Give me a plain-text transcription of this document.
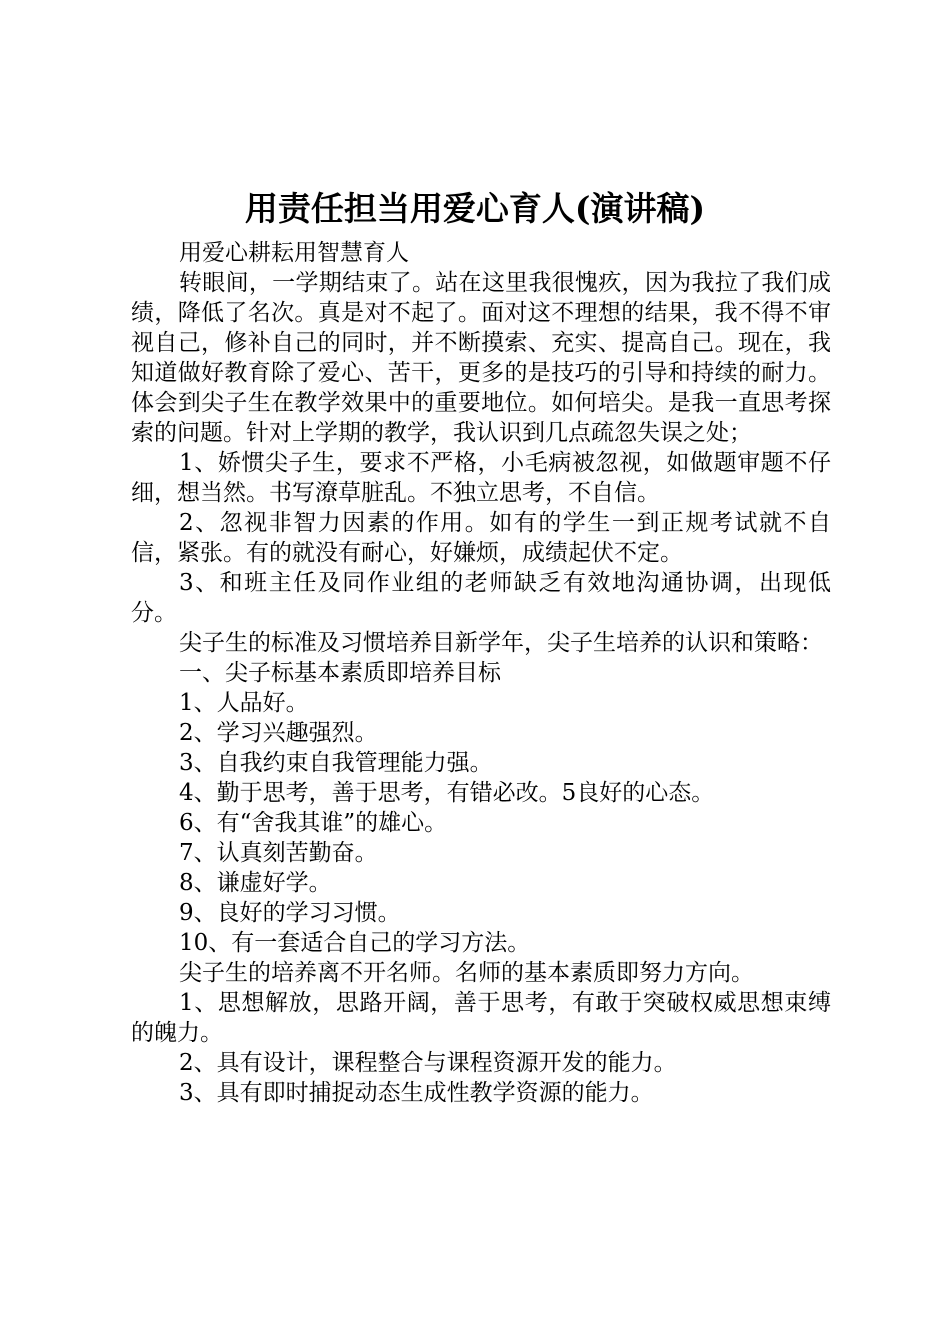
用责任担当用爱心育人(演讲稿)

用爱心耕耘用智慧育人

转眼间，一学期结束了。站在这里我很愧疚，因为我拉了我们成绩，降低了名次。真是对不起了。面对这不理想的结果，我不得不审视自己，修补自己的同时，并不断摸索、充实、提高自己。现在，我知道做好教育除了爱心、苦干，更多的是技巧的引导和持续的耐力。体会到尖子生在教学效果中的重要地位。如何培尖。是我一直思考探索的问题。针对上学期的教学，我认识到几点疏忽失误之处；

1、娇惯尖子生，要求不严格，小毛病被忽视，如做题审题不仔细，想当然。书写潦草脏乱。不独立思考，不自信。

2、忽视非智力因素的作用。如有的学生一到正规考试就不自信，紧张。有的就没有耐心，好嫌烦，成绩起伏不定。

3、和班主任及同作业组的老师缺乏有效地沟通协调，出现低分。

尖子生的标准及习惯培养目新学年，尖子生培养的认识和策略：

一、尖子标基本素质即培养目标

1、人品好。

2、学习兴趣强烈。

3、自我约束自我管理能力强。

4、勤于思考，善于思考，有错必改。5良好的心态。

6、有“舍我其谁”的雄心。

7、认真刻苦勤奋。

8、谦虚好学。

9、良好的学习习惯。

10、有一套适合自己的学习方法。

尖子生的培养离不开名师。名师的基本素质即努力方向。

1、思想解放，思路开阔，善于思考，有敢于突破权威思想束缚的魄力。

2、具有设计，课程整合与课程资源开发的能力。

3、具有即时捕捉动态生成性教学资源的能力。
